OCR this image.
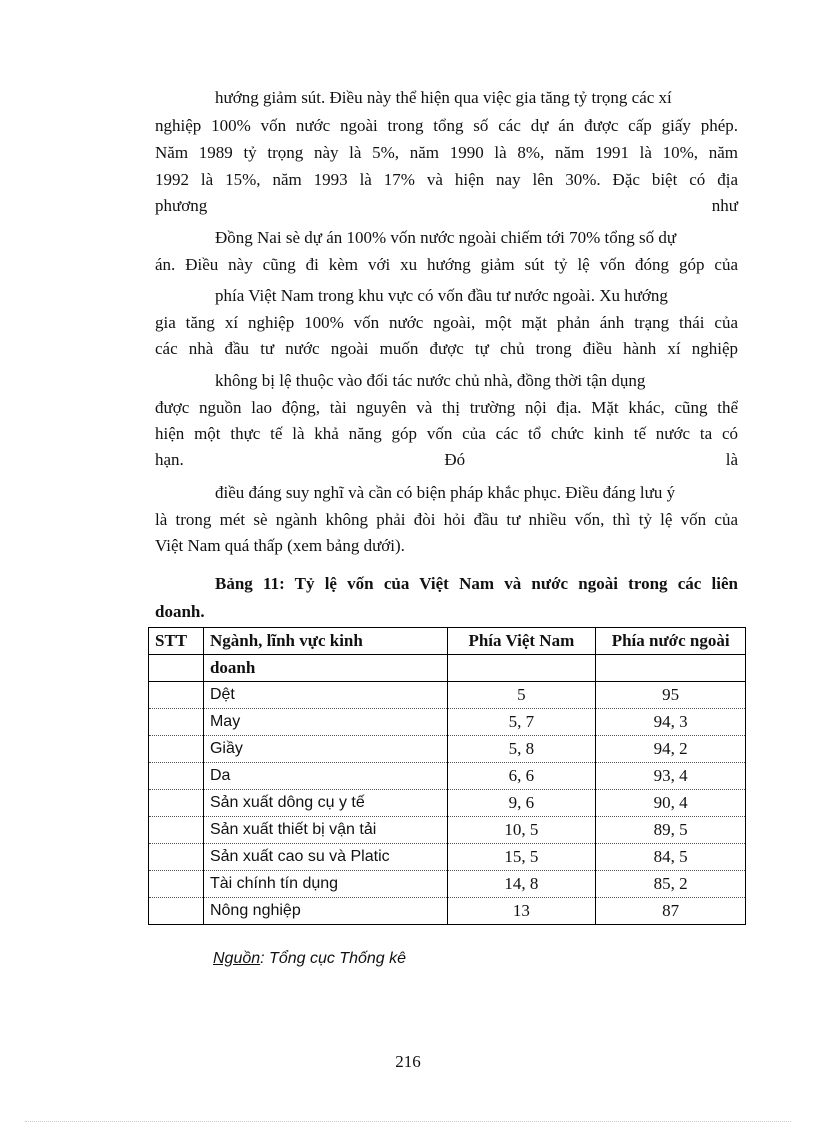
hướng giảm sút. Điều này thể hiện qua việc gia tăng tỷ trọng các xí
nghiệp 100% vốn nước ngoài trong tổng số các dự án được cấp giấy phép.
Năm 1989 tỷ trọng này là 5%, năm 1990 là 8%, năm 1991 là 10%, năm
1992 là 15%, năm 1993 là 17% và hiện nay lên 30%. Đặc biệt có địa
phương như
Đồng Nai sè dự án 100% vốn nước ngoài chiếm tới 70% tổng số dự
án. Điều này cũng đi kèm với xu hướng giảm sút tỷ lệ vốn đóng góp của
phía Việt Nam trong khu vực có vốn đầu tư nước ngoài. Xu hướng
gia tăng xí nghiệp 100% vốn nước ngoài, một mặt phản ánh trạng thái của
các nhà đầu tư nước ngoài muốn được tự chủ trong điều hành xí nghiệp
không bị lệ thuộc vào đối tác nước chủ nhà, đồng thời tận dụng
được nguồn lao động, tài nguyên và thị trường nội địa. Mặt khác, cũng thể
hiện một thực tế là khả năng góp vốn của các tổ chức kinh tế nước ta có
hạn. Đó là
điều đáng suy nghĩ và cần có biện pháp khắc phục. Điều đáng lưu ý
là trong mét sè ngành không phải đòi hỏi đầu tư nhiều vốn, thì tỷ lệ vốn của
Việt Nam quá thấp (xem bảng dưới).
Bảng 11: Tỷ lệ vốn của Việt Nam và nước ngoài trong các liên
doanh.
STT	Ngành, lĩnh vực kinh	Phía Việt Nam	Phía nước ngoài
	doanh		
	Dệt	5	95
	May	5, 7	94, 3
	Giầy	5, 8	94, 2
	Da	6, 6	93, 4
	Sản xuất dông cụ y tế	9, 6	90, 4
	Sản xuất thiết bị vận tải	10, 5	89, 5
	Sản xuất cao su và Platic	15, 5	84, 5
	Tài chính tín dụng	14, 8	85, 2
	Nông nghiệp	13	87
Nguồn: Tổng cục Thống kê
216
